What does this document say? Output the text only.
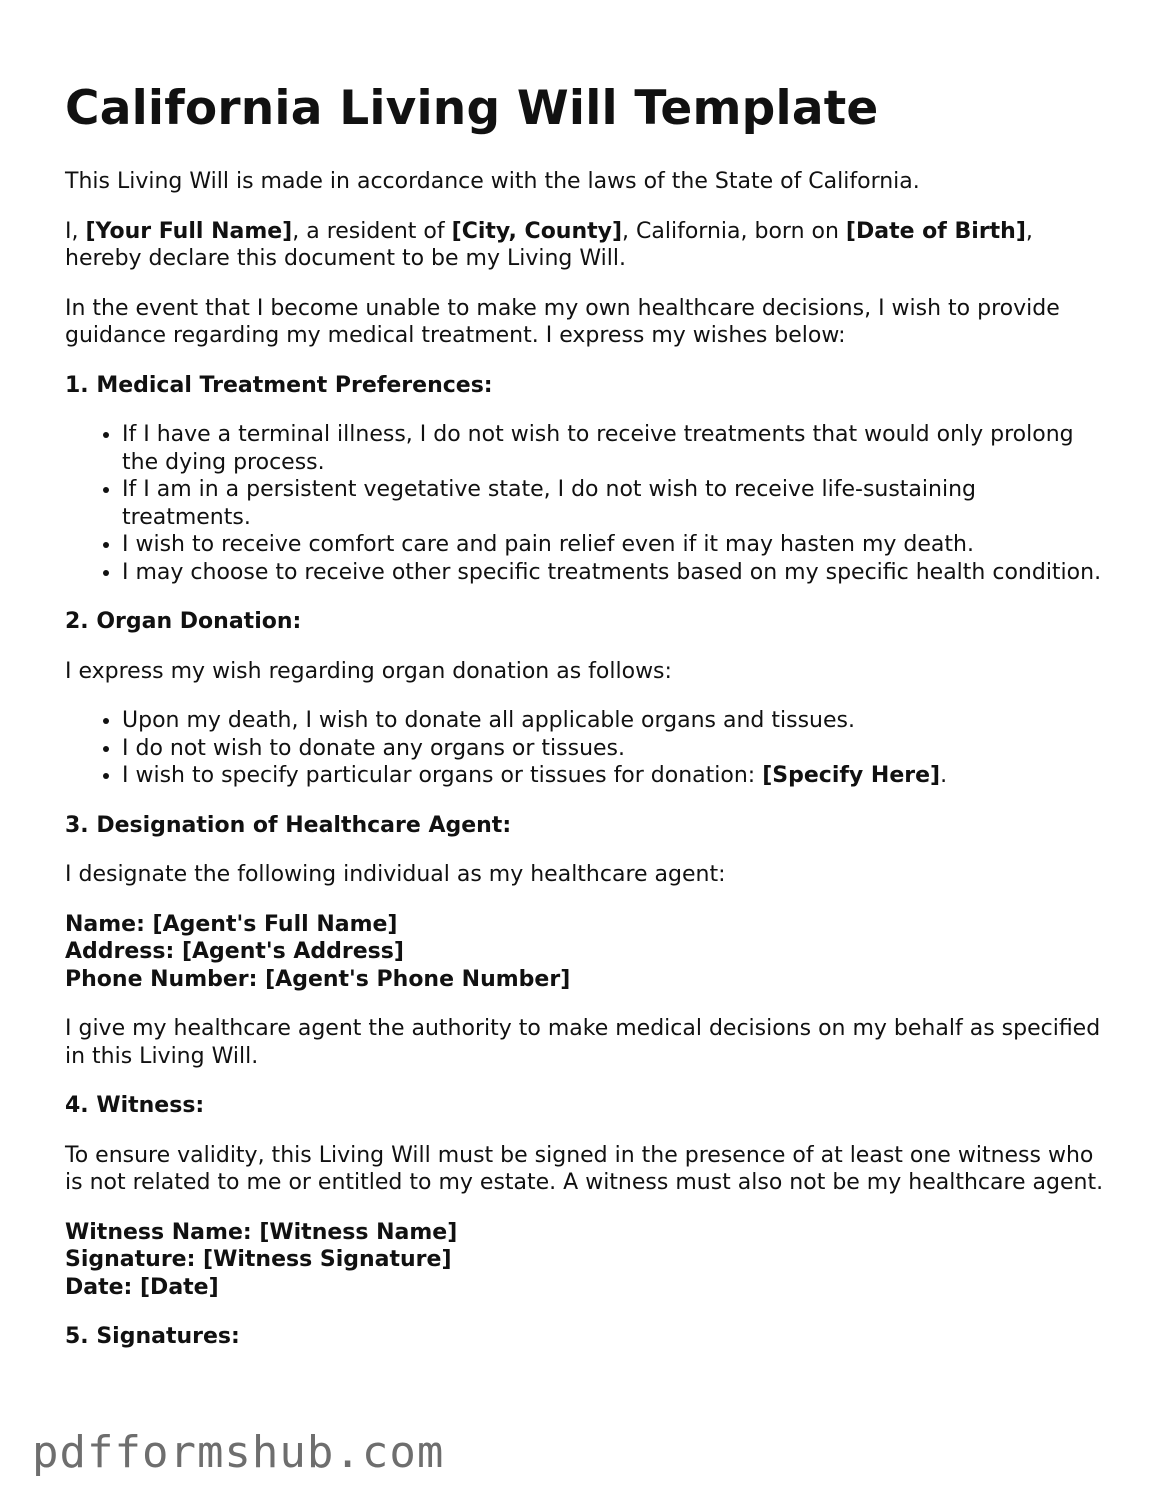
California Living Will Template

This Living Will is made in accordance with the laws of the State of California.

I, [Your Full Name], a resident of [City, County], California, born on [Date of Birth], hereby declare this document to be my Living Will.

In the event that I become unable to make my own healthcare decisions, I wish to provide guidance regarding my medical treatment. I express my wishes below:

1. Medical Treatment Preferences:
• If I have a terminal illness, I do not wish to receive treatments that would only prolong the dying process.
• If I am in a persistent vegetative state, I do not wish to receive life-sustaining treatments.
• I wish to receive comfort care and pain relief even if it may hasten my death.
• I may choose to receive other specific treatments based on my specific health condition.
2. Organ Donation:

I express my wish regarding organ donation as follows:

• Upon my death, I wish to donate all applicable organs and tissues.
• I do not wish to donate any organs or tissues.
• I wish to specify particular organs or tissues for donation: [Specify Here].
3. Designation of Healthcare Agent:

I designate the following individual as my healthcare agent:

Name: [Agent's Full Name]
Address: [Agent's Address]
Phone Number: [Agent's Phone Number]

I give my healthcare agent the authority to make medical decisions on my behalf as specified in this Living Will.

4. Witness:

To ensure validity, this Living Will must be signed in the presence of at least one witness who is not related to me or entitled to my estate. A witness must also not be my healthcare agent.

Witness Name: [Witness Name]
Signature: [Witness Signature]
Date: [Date]
5. Signatures:
pdfformshub.com
